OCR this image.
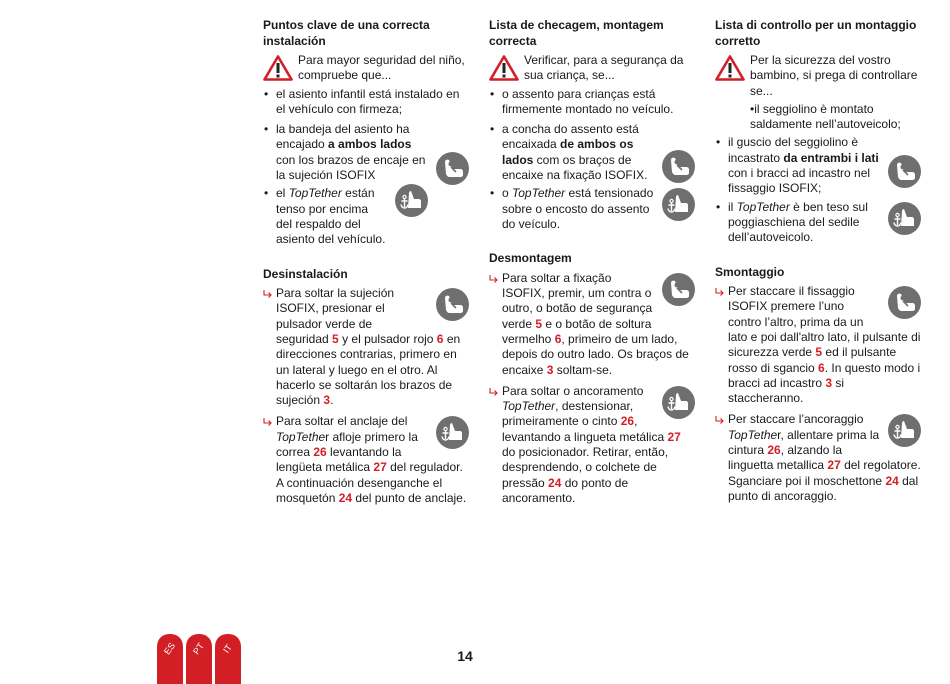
Puntos clave de una correcta instalación
Para mayor seguridad del niño, compruebe que...
• el asiento infantil está instalado en el vehículo con firmeza;
• la bandeja del asiento ha encajado a ambos lados con los brazos de encaje en la sujeción ISOFIX
• el TopTether están tenso por encima del respaldo del asiento del vehículo.
Desinstalación
Para soltar la sujeción ISOFIX, presionar el pulsador verde de seguridad 5 y el pulsador rojo 6 en direcciones contrarias, primero en un lateral y luego en el otro. Al hacerlo se soltarán los brazos de sujeción 3.
Para soltar el anclaje del TopTether afloje primero la correa 26 levantando la lengüeta metálica 27 del regulador. A continuación desenganche el mosquetón 24 del punto de anclaje.
Lista de checagem, montagem correcta
Verificar, para a segurança da sua criança, se...
• o assento para crianças está firmemente montado no veículo.
• a concha do assento está encaixada de ambos os lados com os braços de encaixe na fixação ISOFIX.
• o TopTether está tensionado sobre o encosto do assento do veículo.
Desmontagem
Para soltar a fixação ISOFIX, premir, um contra o outro, o botão de segurança verde 5 e o botão de soltura vermelho 6, primeiro de um lado, depois do outro lado. Os braços de encaixe 3 soltam-se.
Para soltar o ancoramento TopTether, destensionar, primeiramente o cinto 26, levantando a lingueta metálica 27 do posicionador. Retirar, então, desprendendo, o colchete de pressão 24 do ponto de ancoramento.
Lista di controllo per un montaggio corretto
Per la sicurezza del vostro bambino, si prega di controllare se...
•il seggiolino è montato saldamente nell’autoveicolo;
• il guscio del seggiolino è incastrato da entrambi i lati con i bracci ad incastro nel fissaggio ISOFIX;
• il TopTether è ben teso sul poggiaschiena del sedile dell’autoveicolo.
Smontaggio
Per staccare il fissaggio ISOFIX premere l’uno contro l’altro, prima da un lato e poi dall'altro lato, il pulsante di sicurezza verde 5 ed il pulsante rosso di sgancio 6. In questo modo i bracci ad incastro 3 si staccheranno.
Per staccare l’ancoraggio TopTether, allentare prima la cintura 26, alzando la linguetta metallica 27 del regolatore. Sganciare poi il moschettone 24 dal punto di ancoraggio.
ES PT IT	14
